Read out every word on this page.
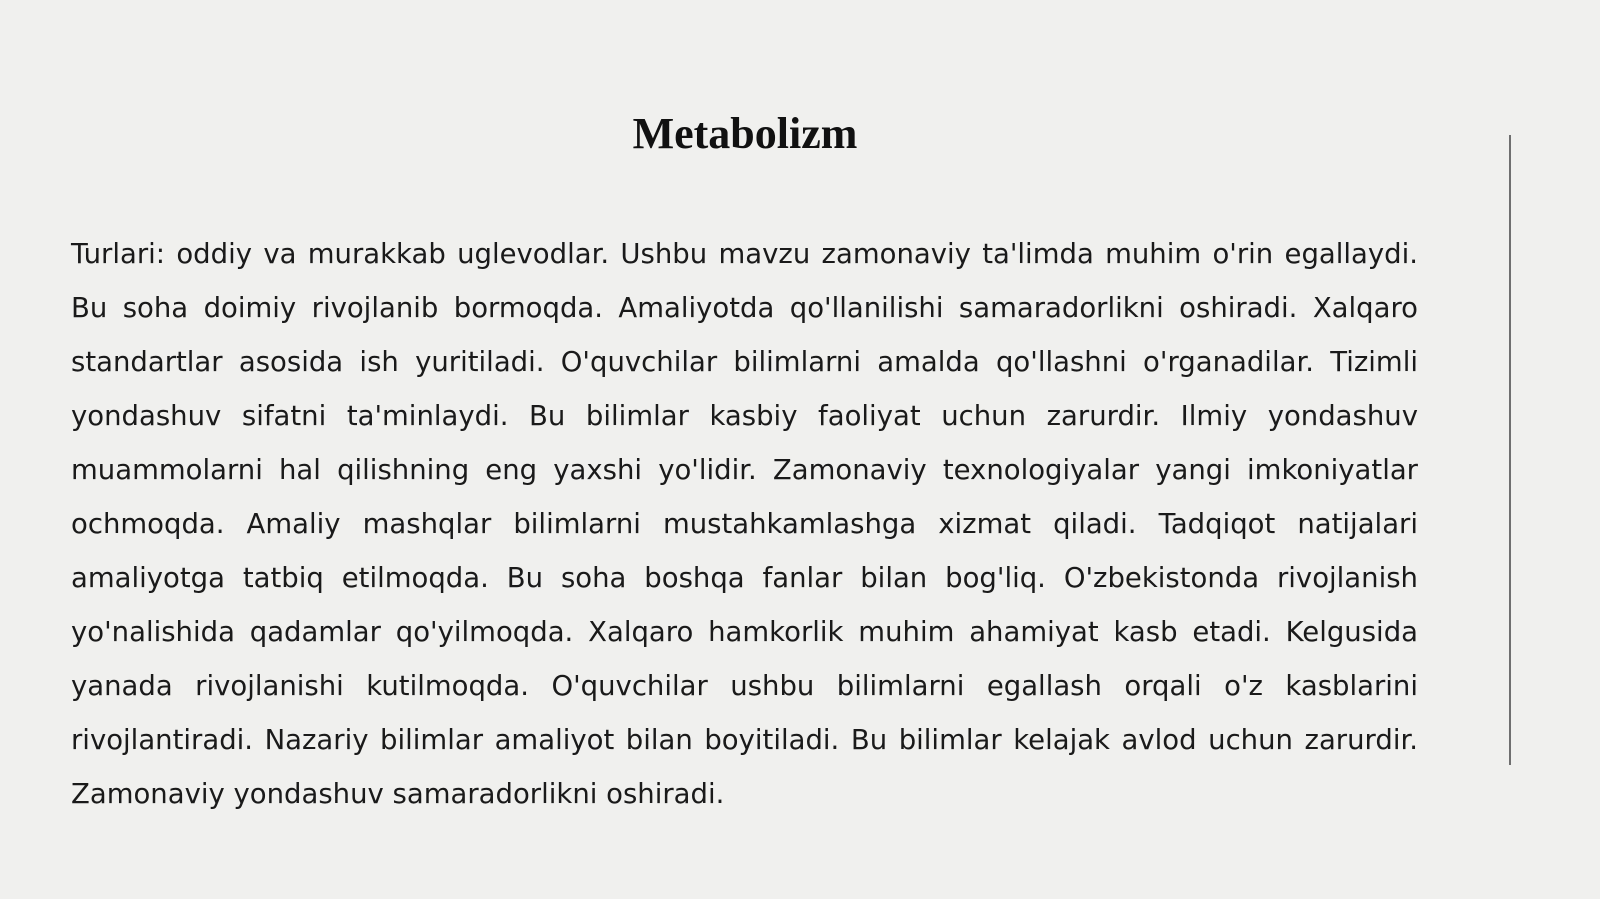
Metabolizm

Turlari: oddiy va murakkab uglevodlar. Ushbu mavzu zamonaviy ta'limda muhim o'rin egallaydi. Bu soha doimiy rivojlanib bormoqda. Amaliyotda qo'llanilishi samaradorlikni oshiradi. Xalqaro standartlar asosida ish yuritiladi. O'quvchilar bilimlarni amalda qo'llashni o'rganadilar. Tizimli yondashuv sifatni ta'minlaydi. Bu bilimlar kasbiy faoliyat uchun zarurdir. Ilmiy yondashuv muammolarni hal qilishning eng yaxshi yo'lidir. Zamonaviy texnologiyalar yangi imkoniyatlar ochmoqda. Amaliy mashqlar bilimlarni mustahkamlashga xizmat qiladi. Tadqiqot natijalari amaliyotga tatbiq etilmoqda. Bu soha boshqa fanlar bilan bog'liq. O'zbekistonda rivojlanish yo'nalishida qadamlar qo'yilmoqda. Xalqaro hamkorlik muhim ahamiyat kasb etadi. Kelgusida yanada rivojlanishi kutilmoqda. O'quvchilar ushbu bilimlarni egallash orqali o'z kasblarini rivojlantiradi. Nazariy bilimlar amaliyot bilan boyitiladi. Bu bilimlar kelajak avlod uchun zarurdir. Zamonaviy yondashuv samaradorlikni oshiradi.
